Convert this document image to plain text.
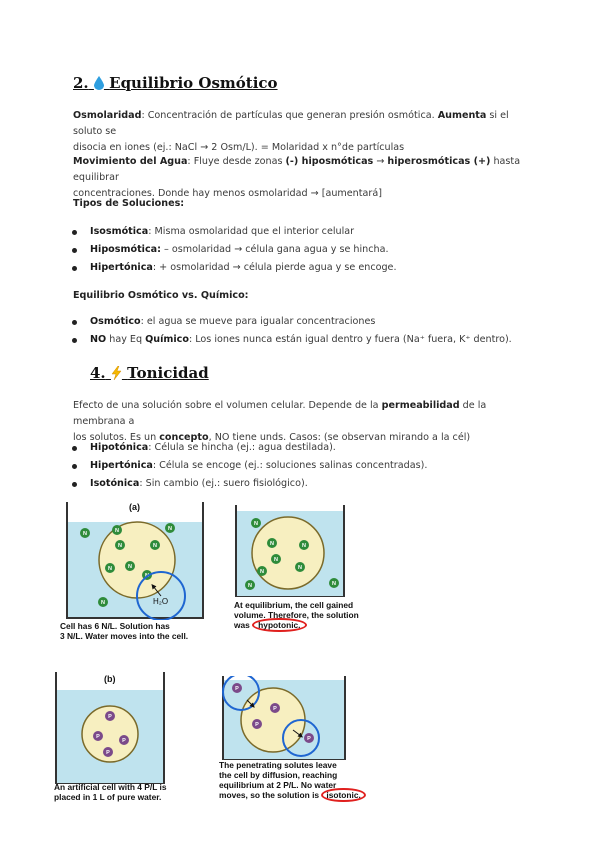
2. Equilibrio Osmótico
Osmolaridad: Concentración de partículas que generan presión osmótica. Aumenta si el soluto se
disocia en iones (ej.: NaCl → 2 Osm/L). = Molaridad x n°de partículas
Movimiento del Agua: Fluye desde zonas (-) hiposmóticas → hiperosmóticas (+) hasta equilibrar
concentraciones. Donde hay menos osmolaridad → [aumentará]
Tipos de Soluciones:
Isosmótica: Misma osmolaridad que el interior celular
Hiposmótica: – osmolaridad → célula gana agua y se hincha.
Hipertónica: + osmolaridad → célula pierde agua y se encoge.
Equilibrio Osmótico vs. Químico:
Osmótico: el agua se mueve para igualar concentraciones
NO hay Eq Químico: Los iones nunca están igual dentro y fuera (Na⁺ fuera, K⁺ dentro).
4. Tonicidad
Efecto de una solución sobre el volumen celular. Depende de la permeabilidad de la membrana a
los solutos. Es un concepto, NO tiene unds. Casos: (se observan mirando a la cél)
Hipotónica: Célula se hincha (ej.: agua destilada).
Hipertónica: Célula se encoge (ej.: soluciones salinas concentradas).
Isotónica: Sin cambio (ej.: suero fisiológico).
(a)
N	N	N
N	N
N	N
N
N	H₂O
Cell has 6 N/L. Solution has
3 N/L. Water moves into the cell.
N
N	N
N
N
N
N	N
At equilibrium, the cell gained
volume. Therefore, the solution
was hypotonic.
(b)
P
P
P
P
An artificial cell with 4 P/L is
placed in 1 L of pure water.
P
P
P
P
The penetrating solutes leave
the cell by diffusion, reaching
equilibrium at 2 P/L. No water
moves, so the solution is isotonic.
